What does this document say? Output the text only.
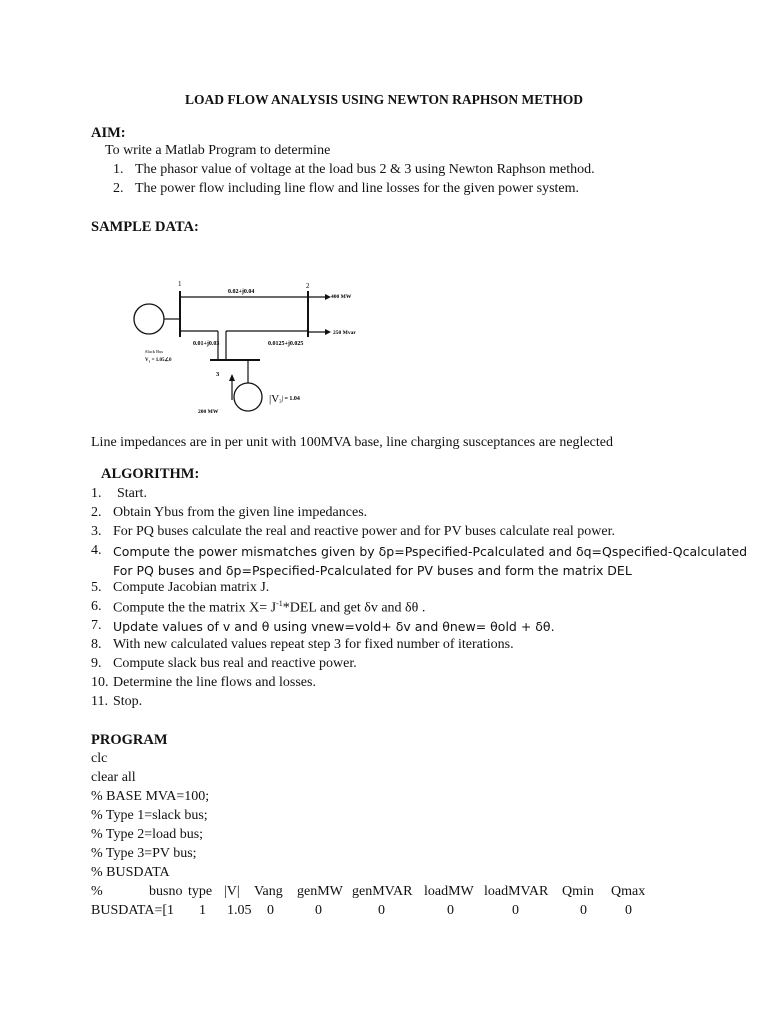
LOAD FLOW ANALYSIS USING NEWTON RAPHSON METHOD
AIM:
To write a Matlab Program to determine
1. The phasor value of voltage at the load bus 2 & 3 using Newton Raphson method.
2. The power flow including line flow and line losses for the given power system.
SAMPLE DATA:
1	2
3
0.02+j0.04
0.01+j0.03	0.0125+j0.025
400 MW
250 Mvar
Slack Bus
$V_1$ = 1.05∠0
$|V3^{| = 1.04}$
200 MW
Line impedances are in per unit with 100MVA base, line charging susceptances are neglected
ALGORITHM:
1. Start.
2. Obtain Ybus from the given line impedances.
3. For PQ buses calculate the real and reactive power and for PV buses calculate real power.
4. Compute the power mismatches given by δp=Pspecified-Pcalculated and δq=Qspecified-Qcalculated
For PQ buses and δp=Pspecified-Pcalculated for PV buses and form the matrix DEL
5. Compute Jacobian matrix J.
6. Compute the the matrix $X= J^{-1}*DEL$ and get δv and δθ .
7. Update values of v and θ using vnew=vold+ δv and θnew= θold + δθ.
8. With new calculated values repeat step 3 for fixed number of iterations.
9. Compute slack bus real and reactive power.
10. Determine the line flows and losses.
11. Stop.
PROGRAM
clc
clear all
% BASE MVA=100;
% Type 1=slack bus;
% Type 2=load bus;
% Type 3=PV bus;
% BUSDATA
%	busno type |V| Vang genMW genMVAR loadMW loadMVAR Qmin Qmax
BUSDATA=[1 1 1.05 0	0	0	0	0	0	0
